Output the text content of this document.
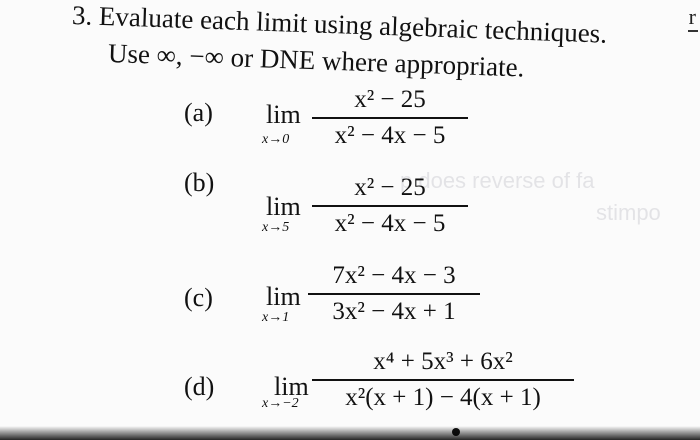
3. Evaluate each limit using algebraic techniques.
Use ∞, −∞ or DNE where appropriate.
r
p does reverse of fa
stimpo
(a) lim
x→0
x² − 25
x² − 4x − 5
(b)
lim
x→5
x² − 25
x² − 4x − 5
(c) lim
x→1
7x² − 4x − 3
3x² − 4x + 1
(d) lim
x→−2
x⁴ + 5x³ + 6x²
x²(x + 1) − 4(x + 1)
